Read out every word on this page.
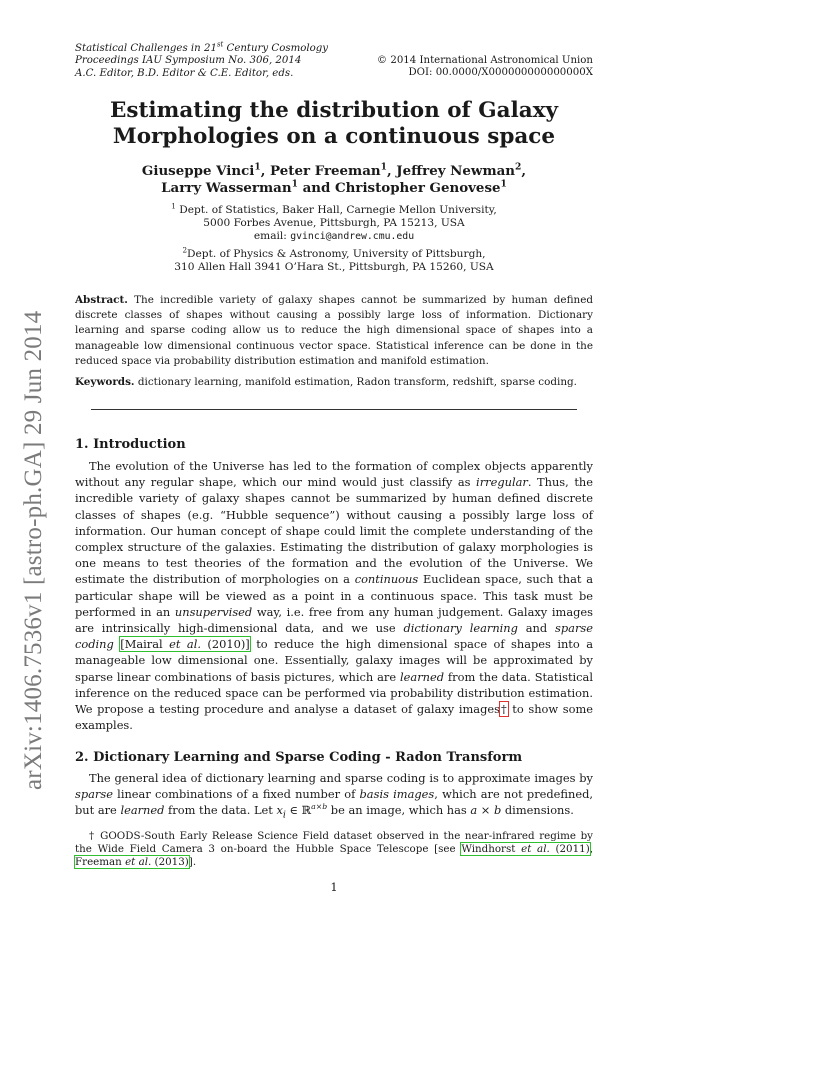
Statistical Challenges in 21st Century Cosmology
Proceedings IAU Symposium No. 306, 2014
A.C. Editor, B.D. Editor & C.E. Editor, eds.
© 2014 International Astronomical Union
DOI: 00.0000/X000000000000000X
Estimating the distribution of Galaxy
Morphologies on a continuous space
Giuseppe Vinci$^1$, Peter Freeman$^1$, Jeffrey Newman$^2$,
Larry Wasserman$^1$ and Christopher Genovese$^1$
$^1$ Dept. of Statistics, Baker Hall, Carnegie Mellon University,
5000 Forbes Avenue, Pittsburgh, PA 15213, USA
email: gvinci@andrew.cmu.edu
$^2$Dept. of Physics & Astronomy, University of Pittsburgh,
310 Allen Hall 3941 O’Hara St., Pittsburgh, PA 15260, USA
Abstract. The incredible variety of galaxy shapes cannot be summarized by human defined discrete classes of shapes without causing a possibly large loss of information. Dictionary learning and sparse coding allow us to reduce the high dimensional space of shapes into a manageable low dimensional continuous vector space. Statistical inference can be done in the reduced space via probability distribution estimation and manifold estimation.
Keywords. dictionary learning, manifold estimation, Radon transform, redshift, sparse coding.
1. Introduction

The evolution of the Universe has led to the formation of complex objects apparently without any regular shape, which our mind would just classify as irregular. Thus, the incredible variety of galaxy shapes cannot be summarized by human defined discrete classes of shapes (e.g. “Hubble sequence”) without causing a possibly large loss of information. Our human concept of shape could limit the complete understanding of the complex structure of the galaxies. Estimating the distribution of galaxy morphologies is one means to test theories of the formation and the evolution of the Universe. We estimate the distribution of morphologies on a continuous Euclidean space, such that a particular shape will be viewed as a point in a continuous space. This task must be performed in an unsupervised way, i.e. free from any human judgement. Galaxy images are intrinsically high-dimensional data, and we use dictionary learning and sparse coding [Mairal et al. (2010)] to reduce the high dimensional space of shapes into a manageable low dimensional one. Essentially, galaxy images will be approximated by sparse linear combinations of basis pictures, which are learned from the data. Statistical inference on the reduced space can be performed via probability distribution estimation. We propose a testing procedure and analyse a dataset of galaxy images† to show some examples.

2. Dictionary Learning and Sparse Coding - Radon Transform

The general idea of dictionary learning and sparse coding is to approximate images by sparse linear combinations of a fixed number of basis images, which are not predefined, but are learned from the data. Let $x_i$ ∈ ℝ$^{a\times b}$ be an image, which has a × b dimensions.

† GOODS-South Early Release Science Field dataset observed in the near-infrared regime by the Wide Field Camera 3 on-board the Hubble Space Telescope [see Windhorst et al. (2011), Freeman et al. (2013)].
1
arXiv:1406.7536v1 [astro-ph.GA] 29 Jun 2014
